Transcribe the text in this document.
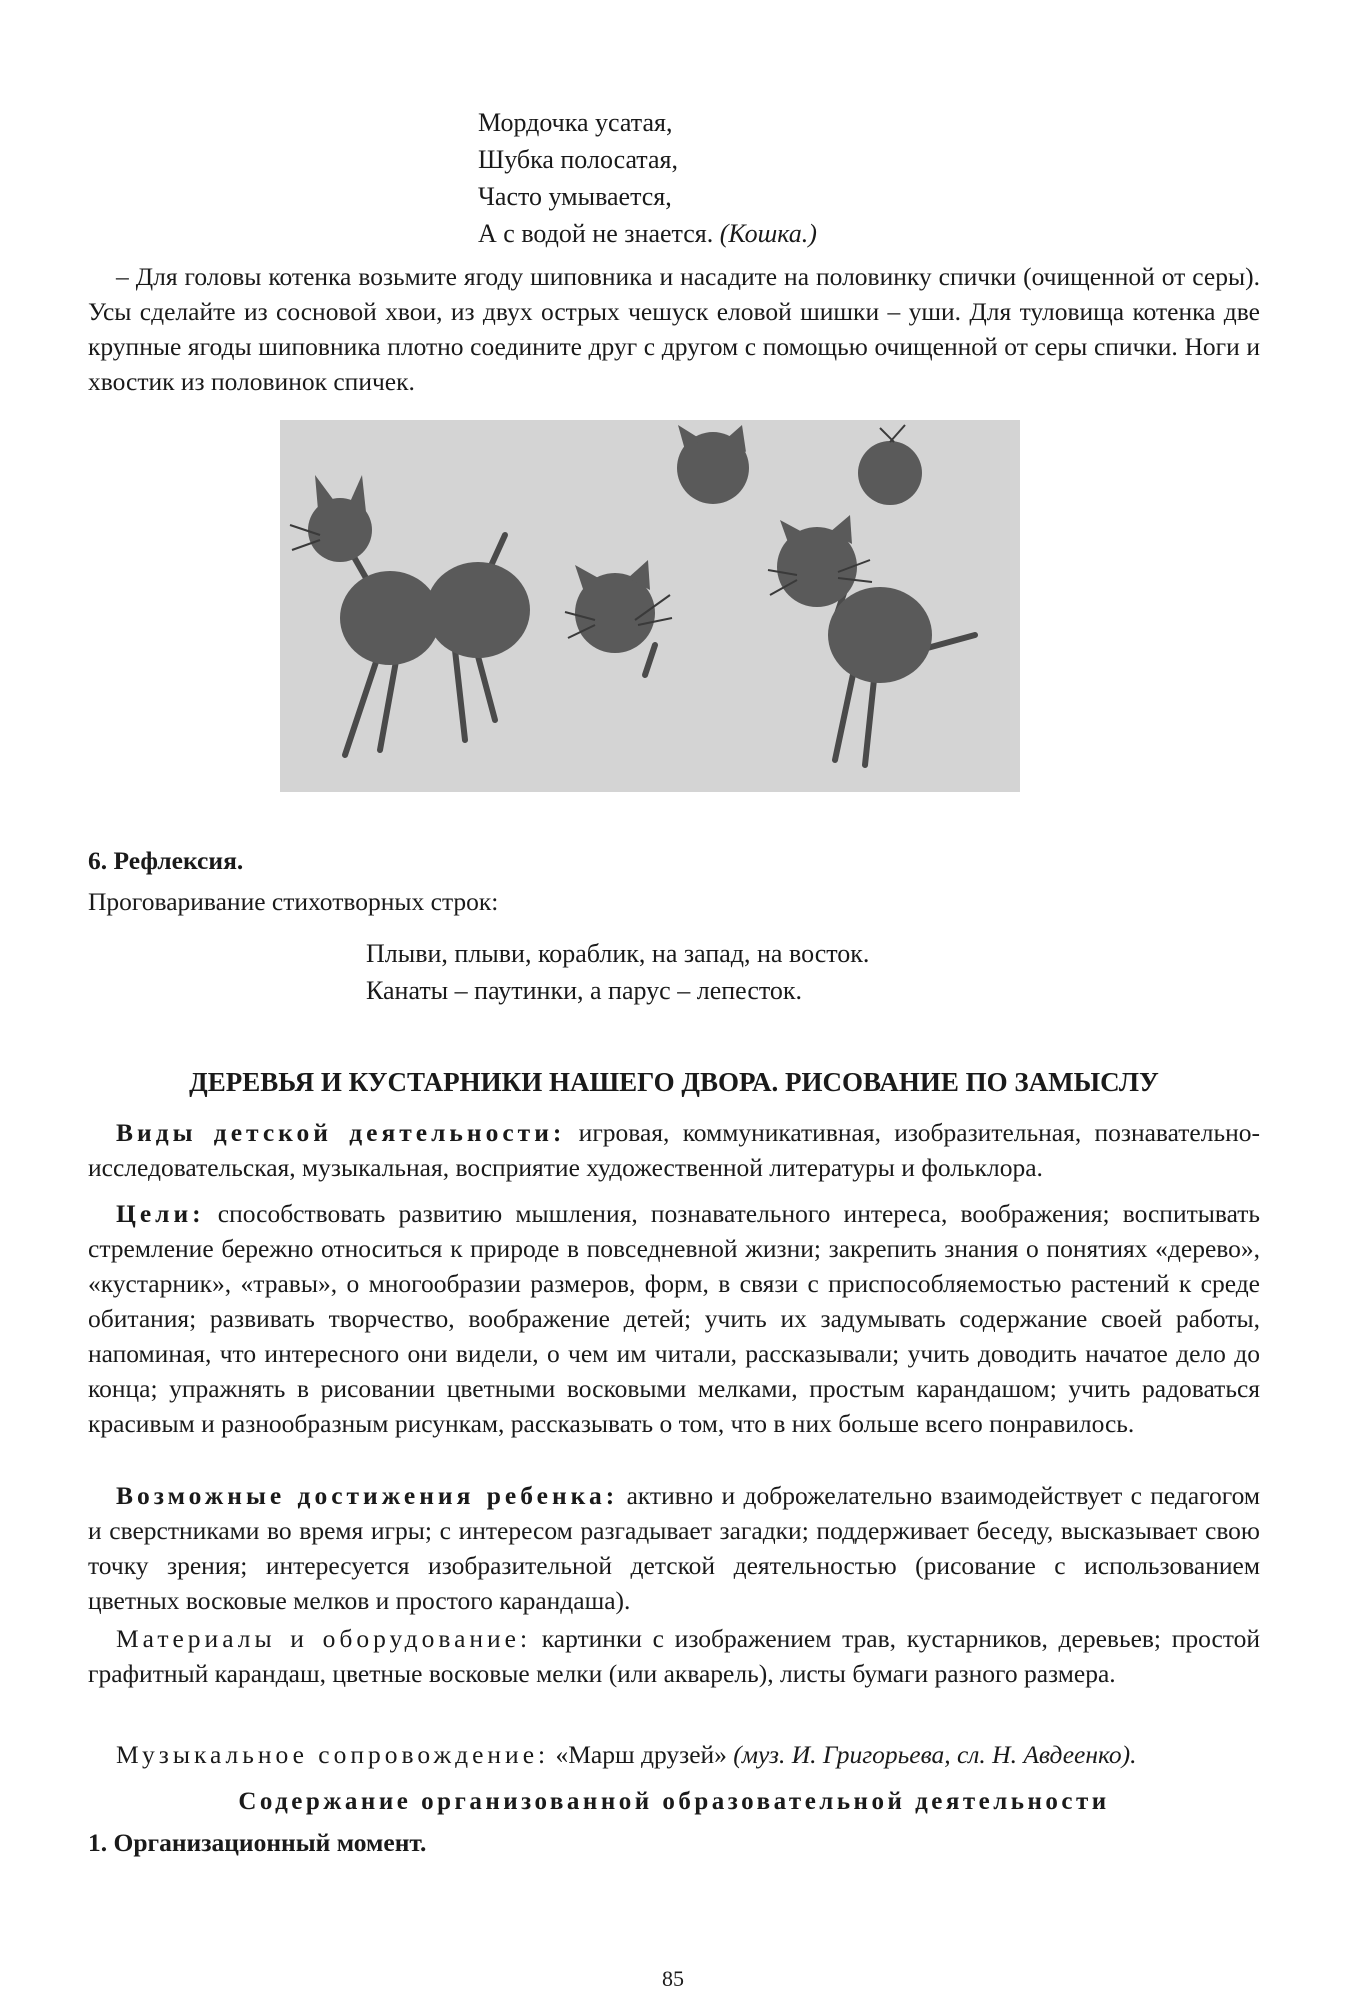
Мордочка усатая,
Шубка полосатая,
Часто умывается,
А с водой не знается. (Кошка.)

– Для головы котенка возьмите ягоду шиповника и насадите на половинку спички (очищенной от серы). Усы сделайте из сосновой хвои, из двух острых чешуск еловой шишки – уши. Для туловища котенка две крупные ягоды шиповника плотно соедините друг с другом с помощью очищенной от серы спички. Ноги и хвостик из половинок спичек.

6. Рефлексия.

Проговаривание стихотворных строк:

Плыви, плыви, кораблик, на запад, на восток.
Канаты – паутинки, а парус – лепесток.
ДЕРЕВЬЯ И КУСТАРНИКИ НАШЕГО ДВОРА. РИСОВАНИЕ ПО ЗАМЫСЛУ

Виды детской деятельности: игровая, коммуникативная, изобразительная, познавательно-исследовательская, музыкальная, восприятие художественной литературы и фольклора.

Цели: способствовать развитию мышления, познавательного интереса, воображения; воспитывать стремление бережно относиться к природе в повседневной жизни; закрепить знания о понятиях «дерево», «кустарник», «травы», о многообразии размеров, форм, в связи с приспособляемостью растений к среде обитания; развивать творчество, воображение детей; учить их задумывать содержание своей работы, напоминая, что интересного они видели, о чем им читали, рассказывали; учить доводить начатое дело до конца; упражнять в рисовании цветными восковыми мелками, простым карандашом; учить радоваться красивым и разнообразным рисункам, рассказывать о том, что в них больше всего понравилось.

Возможные достижения ребенка: активно и доброжелательно взаимодействует с педагогом и сверстниками во время игры; с интересом разгадывает загадки; поддерживает беседу, высказывает свою точку зрения; интересуется изобразительной детской деятельностью (рисование с использованием цветных восковые мелков и простого карандаша).

Материалы и оборудование: картинки с изображением трав, кустарников, деревьев; простой графитный карандаш, цветные восковые мелки (или акварель), листы бумаги разного размера.

Музыкальное сопровождение: «Марш друзей» (муз. И. Григорьева, сл. Н. Авдеенко).

Содержание организованной образовательной деятельности
1. Организационный момент.
85
